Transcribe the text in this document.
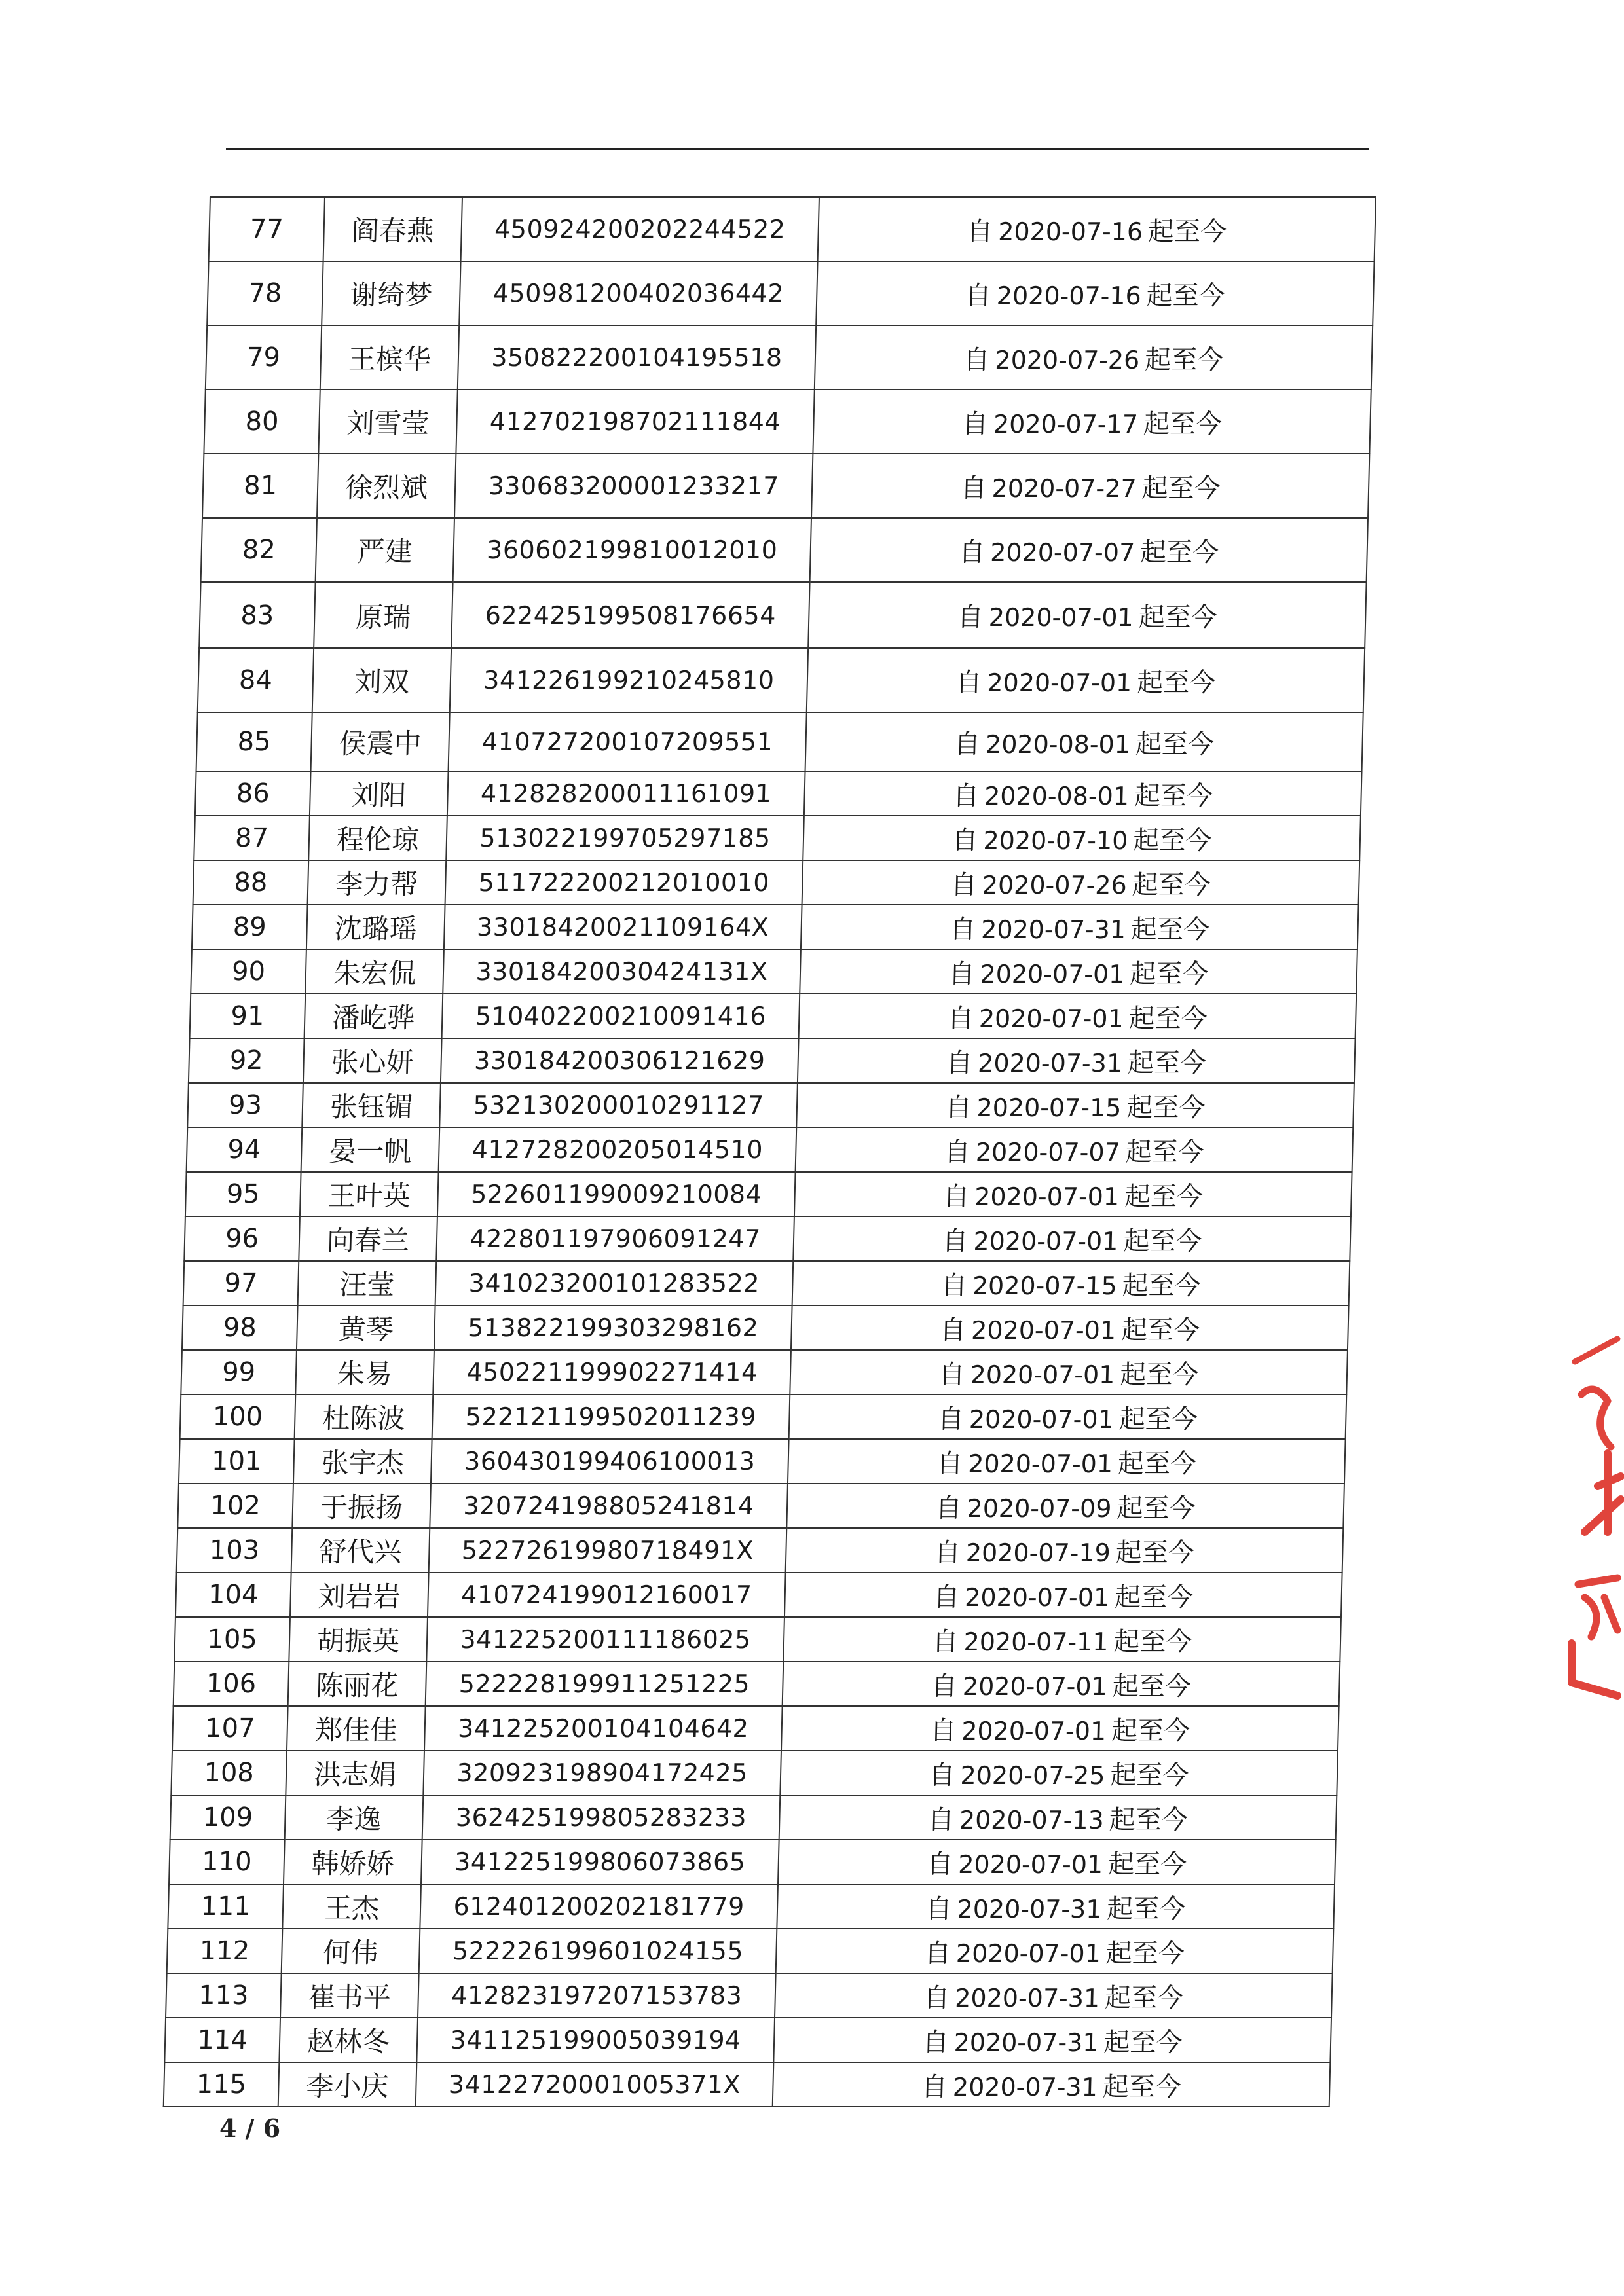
77	阎春燕	450924200202244522	自 2020-07-16 起至今
78	谢绮梦	450981200402036442	自 2020-07-16 起至今
79	王槟华	350822200104195518	自 2020-07-26 起至今
80	刘雪莹	412702198702111844	自 2020-07-17 起至今
81	徐烈斌	330683200001233217	自 2020-07-27 起至今
82	严建	360602199810012010	自 2020-07-07 起至今
83	原瑞	622425199508176654	自 2020-07-01 起至今
84	刘双	341226199210245810	自 2020-07-01 起至今
85	侯震中	410727200107209551	自 2020-08-01 起至今
86	刘阳	412828200011161091	自 2020-08-01 起至今
87	程伦琼	513022199705297185	自 2020-07-10 起至今
88	李力帮	511722200212010010	自 2020-07-26 起至今
89	沈璐瑶	33018420021109164X	自 2020-07-31 起至今
90	朱宏侃	33018420030424131X	自 2020-07-01 起至今
91	潘屹骅	510402200210091416	自 2020-07-01 起至今
92	张心妍	330184200306121629	自 2020-07-31 起至今
93	张钰镅	532130200010291127	自 2020-07-15 起至今
94	晏一帆	412728200205014510	自 2020-07-07 起至今
95	王叶英	522601199009210084	自 2020-07-01 起至今
96	向春兰	422801197906091247	自 2020-07-01 起至今
97	汪莹	341023200101283522	自 2020-07-15 起至今
98	黄琴	513822199303298162	自 2020-07-01 起至今
99	朱易	450221199902271414	自 2020-07-01 起至今
100	杜陈波	522121199502011239	自 2020-07-01 起至今
101	张宇杰	360430199406100013	自 2020-07-01 起至今
102	于振扬	320724198805241814	自 2020-07-09 起至今
103	舒代兴	52272619980718491X	自 2020-07-19 起至今
104	刘岩岩	410724199012160017	自 2020-07-01 起至今
105	胡振英	341225200111186025	自 2020-07-11 起至今
106	陈丽花	522228199911251225	自 2020-07-01 起至今
107	郑佳佳	341225200104104642	自 2020-07-01 起至今
108	洪志娟	320923198904172425	自 2020-07-25 起至今
109	李逸	362425199805283233	自 2020-07-13 起至今
110	韩娇娇	341225199806073865	自 2020-07-01 起至今
111	王杰	612401200202181779	自 2020-07-31 起至今
112	何伟	522226199601024155	自 2020-07-01 起至今
113	崔书平	412823197207153783	自 2020-07-31 起至今
114	赵林冬	341125199005039194	自 2020-07-31 起至今
115	李小庆	34122720001005371X	自 2020-07-31 起至今
4 / 6
